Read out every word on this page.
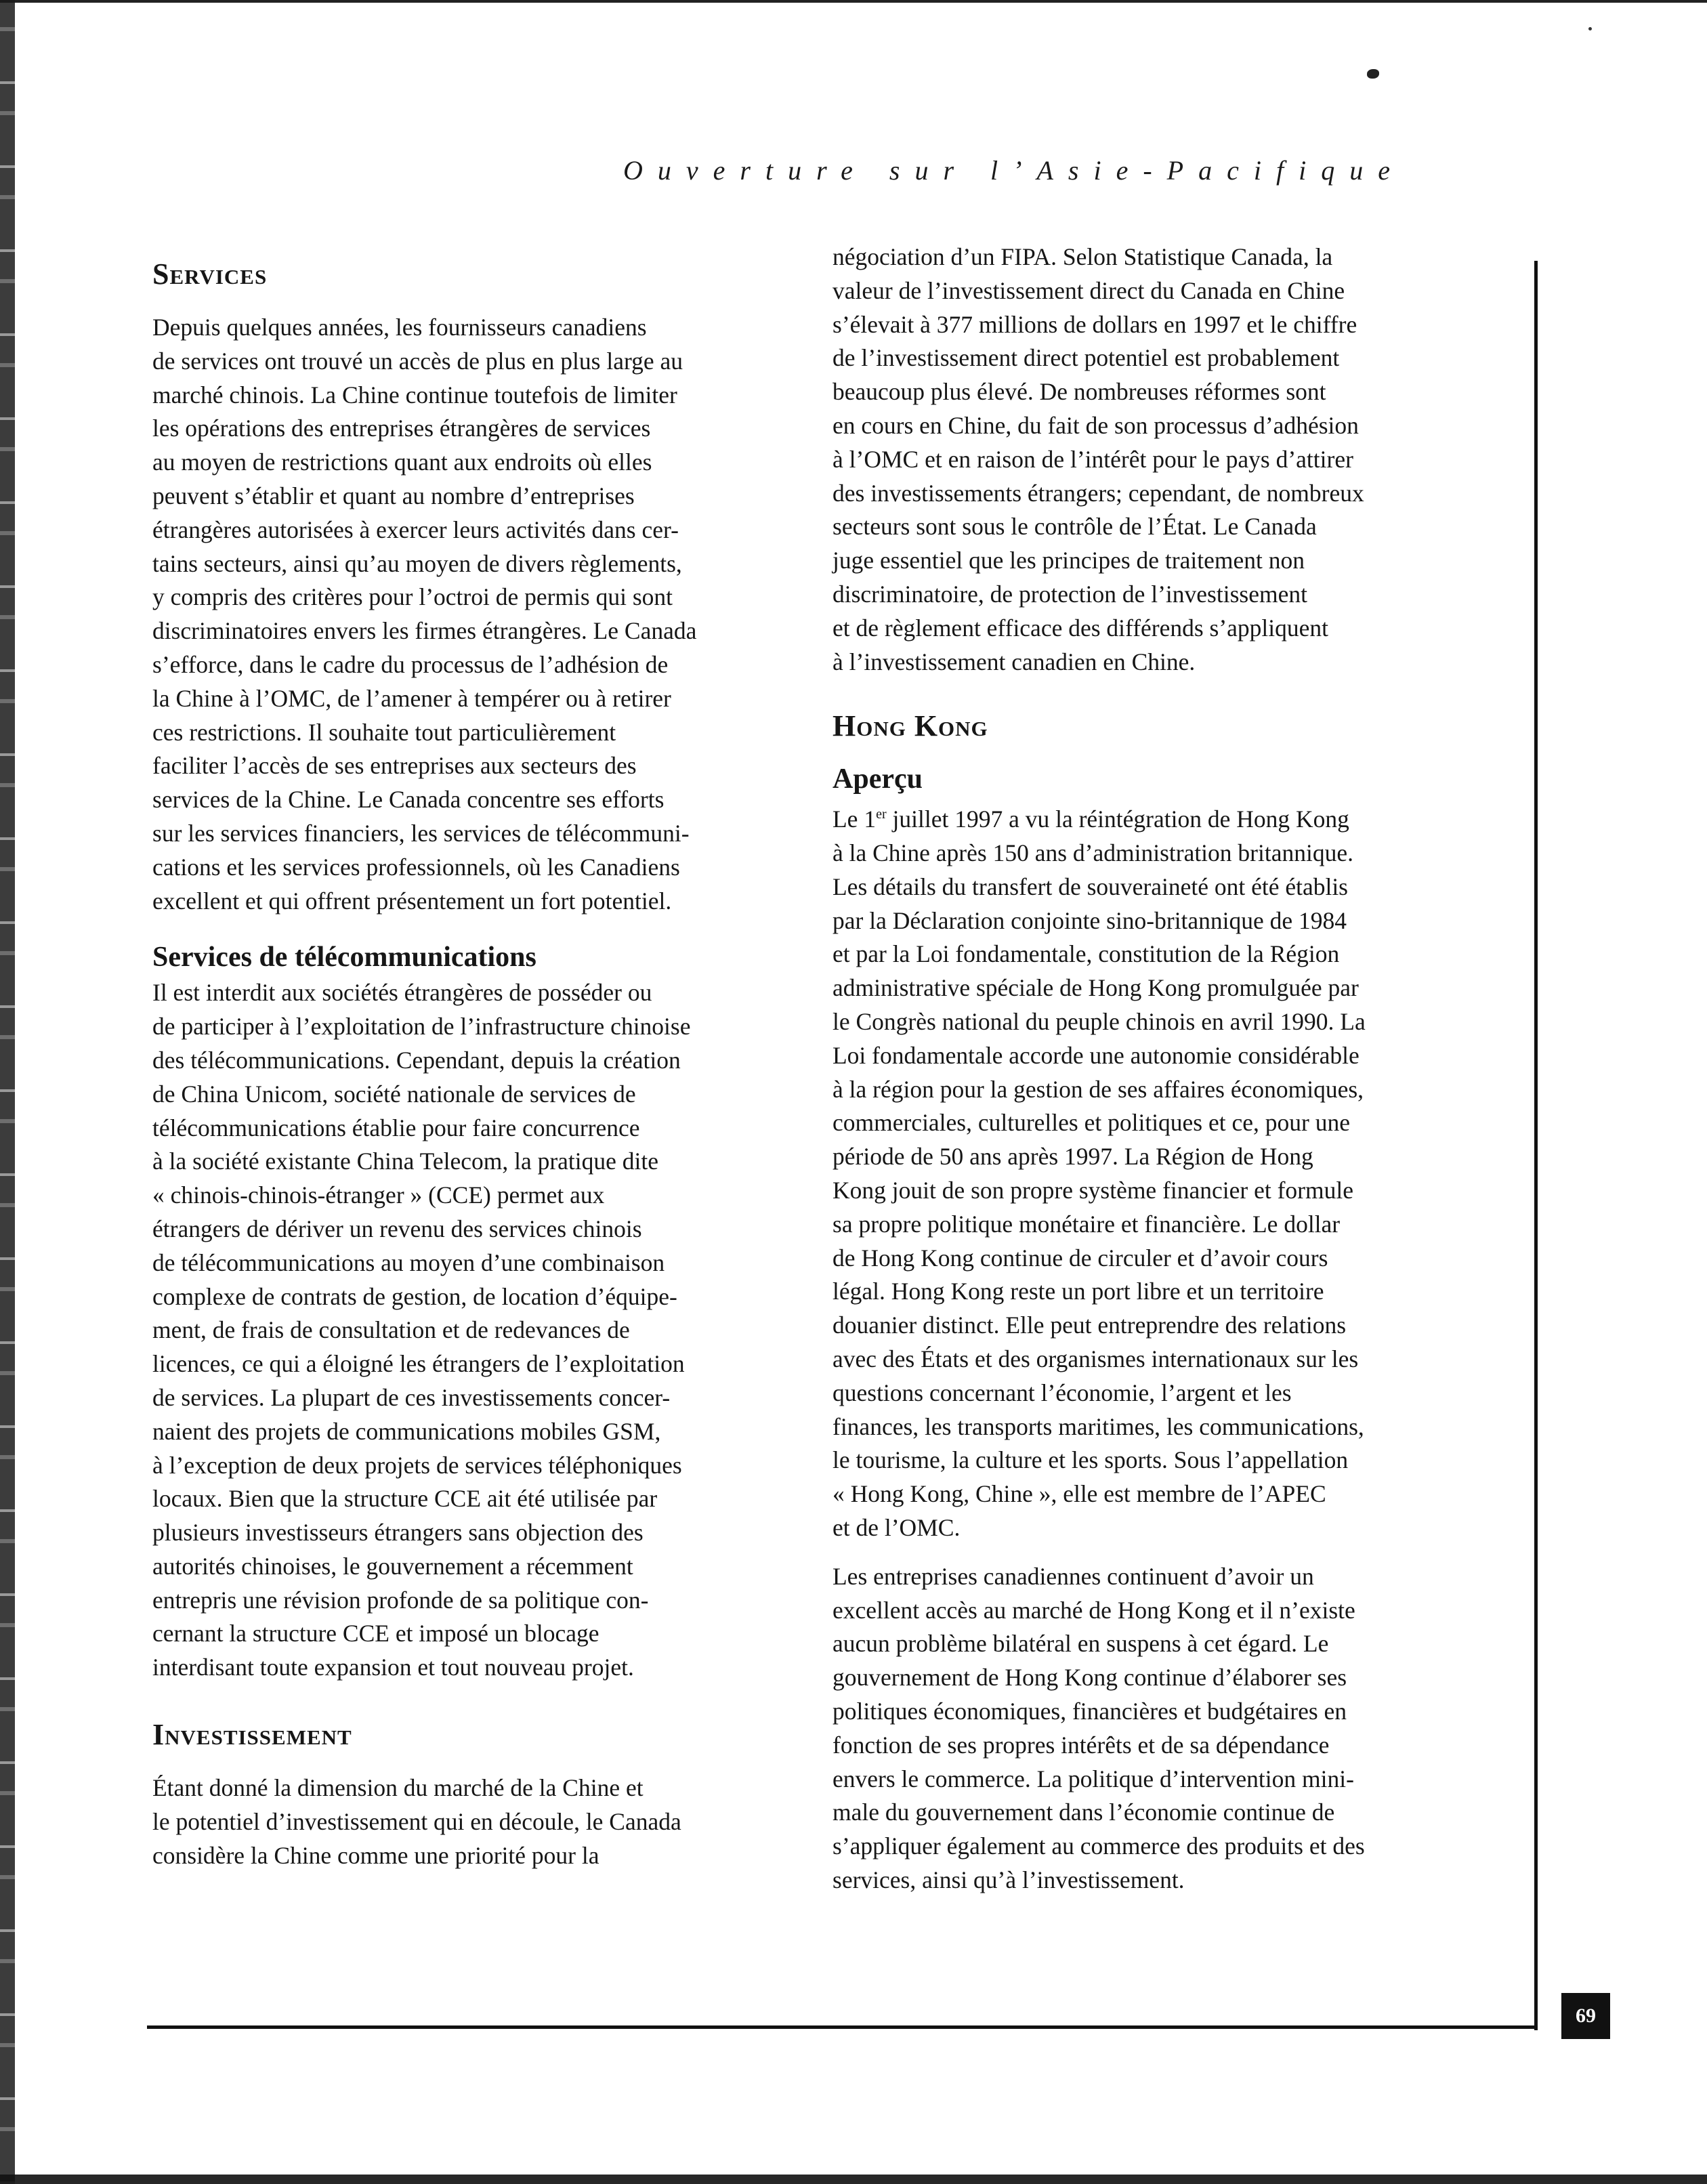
Ouverture sur l’Asie-Pacifique
Services

Depuis quelques années, les fournisseurs canadiens
de services ont trouvé un accès de plus en plus large au
marché chinois. La Chine continue toutefois de limiter
les opérations des entreprises étrangères de services
au moyen de restrictions quant aux endroits où elles
peuvent s’établir et quant au nombre d’entreprises
étrangères autorisées à exercer leurs activités dans cer-
tains secteurs, ainsi qu’au moyen de divers règlements,
y compris des critères pour l’octroi de permis qui sont
discriminatoires envers les firmes étrangères. Le Canada
s’efforce, dans le cadre du processus de l’adhésion de
la Chine à l’OMC, de l’amener à tempérer ou à retirer
ces restrictions. Il souhaite tout particulièrement
faciliter l’accès de ses entreprises aux secteurs des
services de la Chine. Le Canada concentre ses efforts
sur les services financiers, les services de télécommuni-
cations et les services professionnels, où les Canadiens
excellent et qui offrent présentement un fort potentiel.

Services de télécommunications

Il est interdit aux sociétés étrangères de posséder ou
de participer à l’exploitation de l’infrastructure chinoise
des télécommunications. Cependant, depuis la création
de China Unicom, société nationale de services de
télécommunications établie pour faire concurrence
à la société existante China Telecom, la pratique dite
« chinois-chinois-étranger » (CCE) permet aux
étrangers de dériver un revenu des services chinois
de télécommunications au moyen d’une combinaison
complexe de contrats de gestion, de location d’équipe-
ment, de frais de consultation et de redevances de
licences, ce qui a éloigné les étrangers de l’exploitation
de services. La plupart de ces investissements concer-
naient des projets de communications mobiles GSM,
à l’exception de deux projets de services téléphoniques
locaux. Bien que la structure CCE ait été utilisée par
plusieurs investisseurs étrangers sans objection des
autorités chinoises, le gouvernement a récemment
entrepris une révision profonde de sa politique con-
cernant la structure CCE et imposé un blocage
interdisant toute expansion et tout nouveau projet.

Investissement

Étant donné la dimension du marché de la Chine et
le potentiel d’investissement qui en découle, le Canada
considère la Chine comme une priorité pour la

négociation d’un FIPA. Selon Statistique Canada, la
valeur de l’investissement direct du Canada en Chine
s’élevait à 377 millions de dollars en 1997 et le chiffre
de l’investissement direct potentiel est probablement
beaucoup plus élevé. De nombreuses réformes sont
en cours en Chine, du fait de son processus d’adhésion
à l’OMC et en raison de l’intérêt pour le pays d’attirer
des investissements étrangers; cependant, de nombreux
secteurs sont sous le contrôle de l’État. Le Canada
juge essentiel que les principes de traitement non
discriminatoire, de protection de l’investissement
et de règlement efficace des différends s’appliquent
à l’investissement canadien en Chine.

Hong Kong
Aperçu

Le 1er juillet 1997 a vu la réintégration de Hong Kong
à la Chine après 150 ans d’administration britannique.
Les détails du transfert de souveraineté ont été établis
par la Déclaration conjointe sino-britannique de 1984
et par la Loi fondamentale, constitution de la Région
administrative spéciale de Hong Kong promulguée par
le Congrès national du peuple chinois en avril 1990. La
Loi fondamentale accorde une autonomie considérable
à la région pour la gestion de ses affaires économiques,
commerciales, culturelles et politiques et ce, pour une
période de 50 ans après 1997. La Région de Hong
Kong jouit de son propre système financier et formule
sa propre politique monétaire et financière. Le dollar
de Hong Kong continue de circuler et d’avoir cours
légal. Hong Kong reste un port libre et un territoire
douanier distinct. Elle peut entreprendre des relations
avec des États et des organismes internationaux sur les
questions concernant l’économie, l’argent et les
finances, les transports maritimes, les communications,
le tourisme, la culture et les sports. Sous l’appellation
« Hong Kong, Chine », elle est membre de l’APEC
et de l’OMC.

Les entreprises canadiennes continuent d’avoir un
excellent accès au marché de Hong Kong et il n’existe
aucun problème bilatéral en suspens à cet égard. Le
gouvernement de Hong Kong continue d’élaborer ses
politiques économiques, financières et budgétaires en
fonction de ses propres intérêts et de sa dépendance
envers le commerce. La politique d’intervention mini-
male du gouvernement dans l’économie continue de
s’appliquer également au commerce des produits et des
services, ainsi qu’à l’investissement.

69
